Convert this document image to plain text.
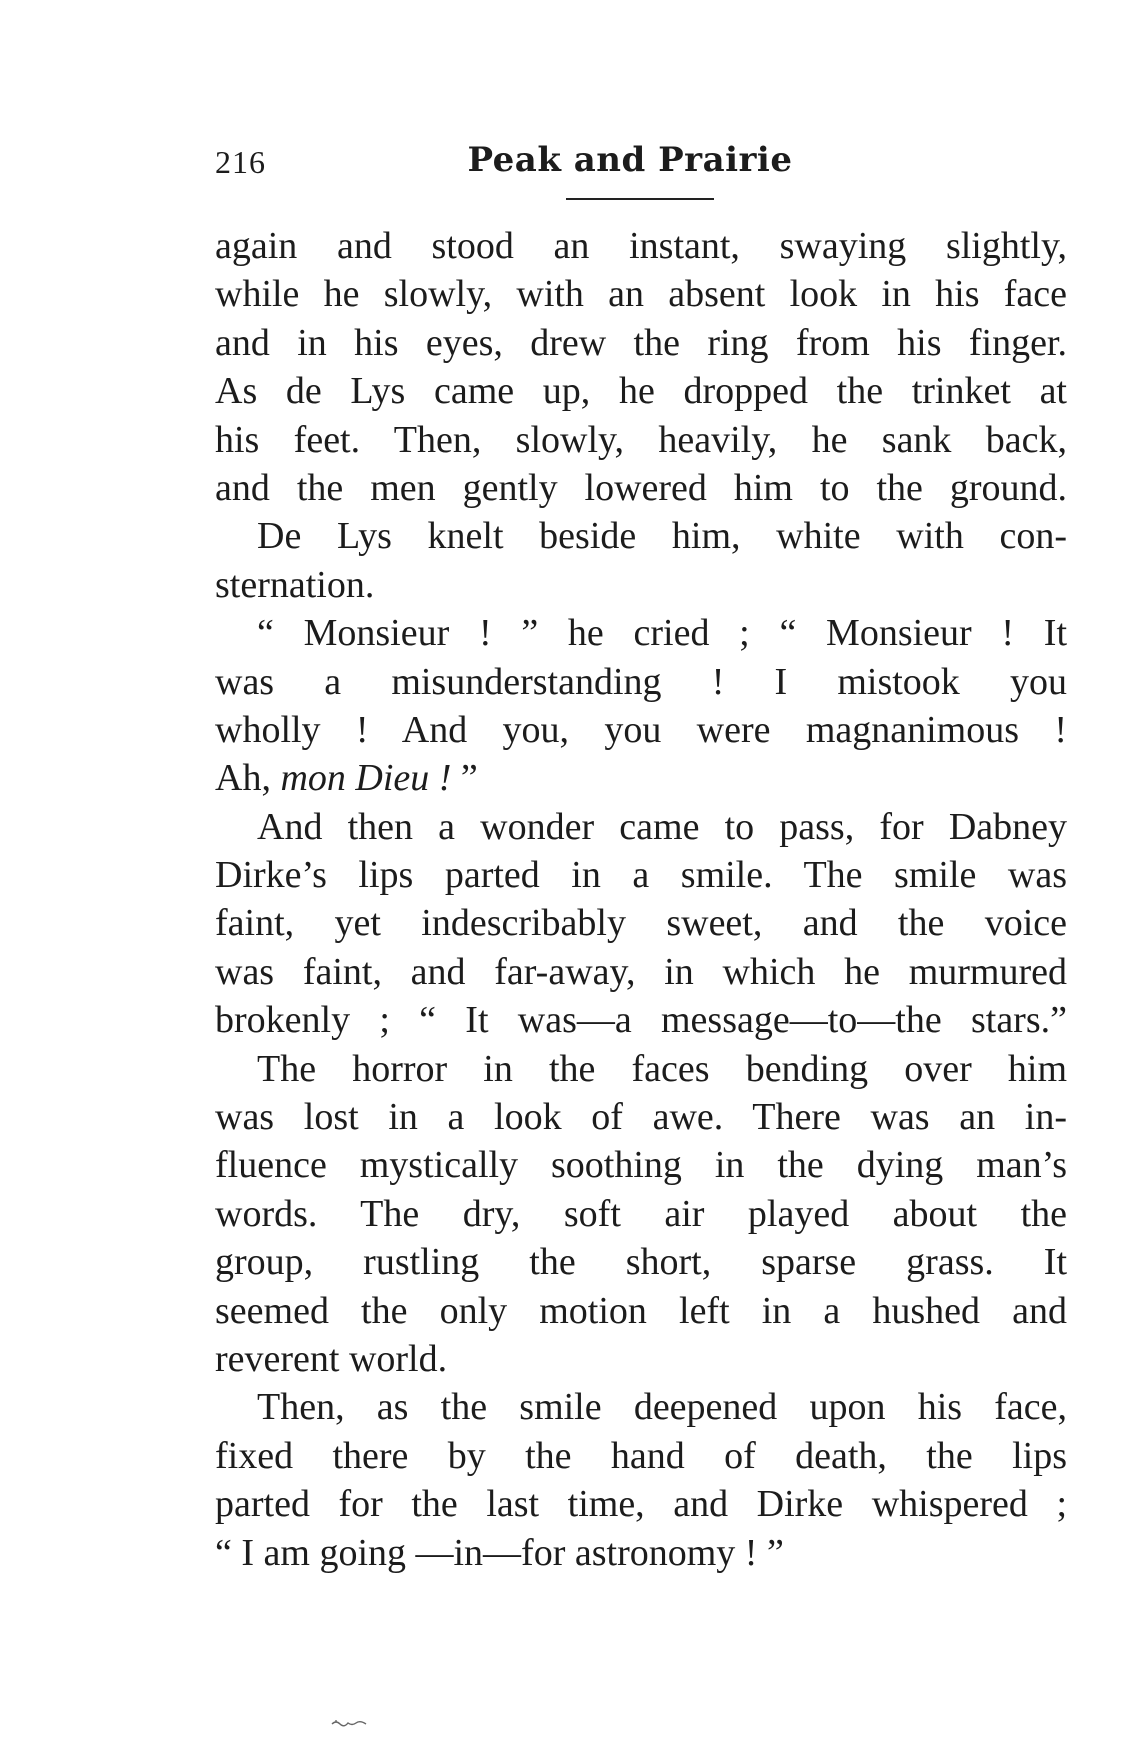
216	Peak and Prairie
again and stood an instant, swaying slightly,
while he slowly, with an absent look in his face
and in his eyes, drew the ring from his finger.
As de Lys came up, he dropped the trinket at
his feet. Then, slowly, heavily, he sank back,
and the men gently lowered him to the ground.
De Lys knelt beside him, white with con-
sternation.
“ Monsieur ! ” he cried ; “ Monsieur ! It
was a misunderstanding ! I mistook you
wholly ! And you, you were magnanimous !
Ah, mon Dieu ! ”
And then a wonder came to pass, for Dabney
Dirke’s lips parted in a smile. The smile was
faint, yet indescribably sweet, and the voice
was faint, and far-away, in which he murmured
brokenly ; “ It was—a message—to—the stars.”
The horror in the faces bending over him
was lost in a look of awe. There was an in-
fluence mystically soothing in the dying man’s
words. The dry, soft air played about the
group, rustling the short, sparse grass. It
seemed the only motion left in a hushed and
reverent world.
Then, as the smile deepened upon his face,
fixed there by the hand of death, the lips
parted for the last time, and Dirke whispered ;
“ I am going —in—for astronomy ! ”
